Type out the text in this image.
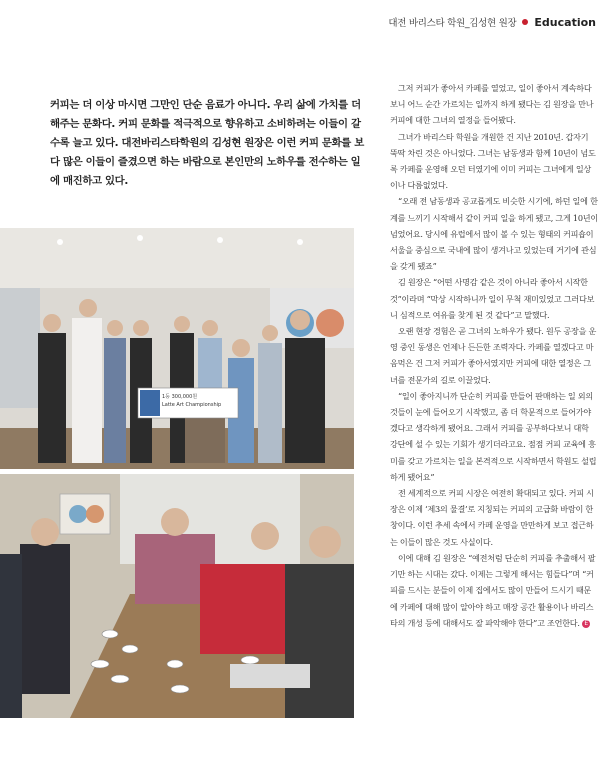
대전 바리스타 학원_김성현 원장 Education
커피는 더 이상 마시면 그만인 단순 음료가 아니다. 우리 삶에 가치를 더해주는 문화다. 커피 문화를 적극적으로 향유하고 소비하려는 이들이 갈수록 늘고 있다. 대전바리스타학원의 김성현 원장은 이런 커피 문화를 보다 많은 이들이 즐겼으면 하는 바람으로 본인만의 노하우를 전수하는 일에 매진하고 있다.
1등 300,000원
Latte Art Championship

그저 커피가 좋아서 카페를 열었고, 일이 좋아서 계속하다보니 어느 순간 가르치는 일까지 하게 됐다는 김 원장을 만나 커피에 대한 그녀의 열정을 들어봤다.

그녀가 바리스타 학원을 개원한 건 지난 2010년. 갑자기 뚝딱 차린 것은 아니었다. 그녀는 남동생과 함께 10년이 넘도록 카페를 운영해 오던 터였기에 이미 커피는 그녀에게 일상이나 다름없었다.

“오래 전 남동생과 공교롭게도 비슷한 시기에, 하던 일에 한계를 느끼기 시작해서 같이 커피 일을 하게 됐고, 그게 10년이 넘었어요. 당시에 유럽에서 많이 볼 수 있는 형태의 커피숍이 서울을 중심으로 국내에 많이 생겨나고 있었는데 거기에 관심을 갖게 됐죠”

김 원장은 “어떤 사명감 같은 것이 아니라 좋아서 시작한 것”이라며 “막상 시작하니까 일이 무척 재미있었고 그러다보니 심적으로 여유를 찾게 된 것 같다”고 말했다.

오랜 현장 경험은 곧 그녀의 노하우가 됐다. 원두 공장을 운영 중인 동생은 언제나 든든한 조력자다. 카페를 열겠다고 마음먹은 건 그저 커피가 좋아서였지만 커피에 대한 열정은 그녀를 전문가의 길로 이끌었다.

“일이 좋아지니까 단순히 커피를 만들어 판매하는 일 외의 것들이 눈에 들어오기 시작했고, 좀 더 학문적으로 들어가야겠다고 생각하게 됐어요. 그래서 커피를 공부하다보니 대학 강단에 설 수 있는 기회가 생기더라고요. 점점 커피 교육에 흥미를 갖고 가르치는 일을 본격적으로 시작하면서 학원도 설립하게 됐어요”

전 세계적으로 커피 시장은 여전히 확대되고 있다. 커피 시장은 이제 ‘제3의 물결’로 지칭되는 커피의 고급화 바람이 한창이다. 이런 추세 속에서 카페 운영을 만만하게 보고 접근하는 이들이 많은 것도 사실이다.

이에 대해 김 원장은 “예전처럼 단순히 커피를 추출해서 팔기만 하는 시대는 갔다. 이제는 그렇게 해서는 힘들다”며 “커피를 드시는 분들이 이제 집에서도 많이 만들어 드시기 때문에 카페에 대해 많이 알아야 하고 매장 공간 활용이나 바리스타의 개성 등에 대해서도 잘 파악해야 한다”고 조언한다. E
